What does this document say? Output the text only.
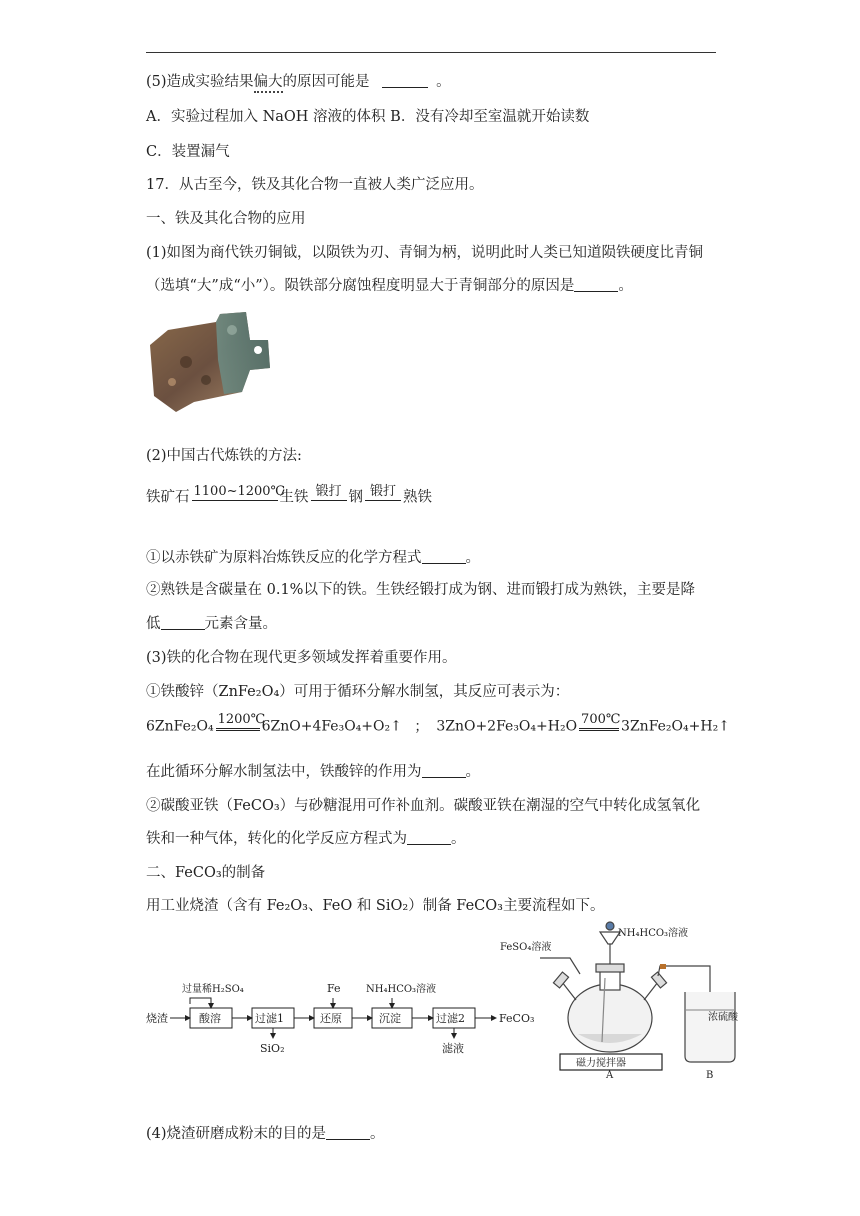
(5)造成实验结果偏大的原因可能是	。
A．实验过程加入 NaOH 溶液的体积 B．没有冷却至室温就开始读数
C．装置漏气
17．从古至今，铁及其化合物一直被人类广泛应用。
一、铁及其化合物的应用
(1)如图为商代铁刃铜钺，以陨铁为刃、青铜为柄，说明此时人类已知道陨铁硬度比青铜
（选填“大”成“小”）。陨铁部分腐蚀程度明显大于青铜部分的原因是	。
(2)中国古代炼铁的方法:
铁矿石 1100~1200℃
生铁 锻打 钢 锻打 熟铁
①以赤铁矿为原料冶炼铁反应的化学方程式	。
②熟铁是含碳量在 0.1%以下的铁。生铁经锻打成为钢、进而锻打成为熟铁，主要是降
低	元素含量。
(3)铁的化合物在现代更多领域发挥着重要作用。
①铁酸锌（ZnFe₂O₄）可用于循环分解水制氢，其反应可表示为：
6ZnFe₂O₄ 1200℃
6ZnO+4Fe₃O₄+O₂↑ ； 3ZnO+2Fe₃O₄+H₂O 700℃ 3ZnFe₂O₄+H₂↑
在此循环分解水制氢法中，铁酸锌的作用为	。
②碳酸亚铁（FeCO₃）与砂糖混用可作补血剂。碳酸亚铁在潮湿的空气中转化成氢氧化
铁和一种气体，转化的化学反应方程式为	。
二、FeCO₃的制备
用工业烧渣（含有 Fe₂O₃、FeO 和 SiO₂）制备 FeCO₃主要流程如下。
烧渣	酸溶	过滤1	还原	沉淀	过滤2	FeCO₃
过量稀H₂SO₄	Fe	NH₄HCO₃溶液
SiO₂	滤液
FeSO₄溶液
NH₄HCO₃溶液
浓硫酸
磁力搅拌器
A	B
(4)烧渣研磨成粉末的目的是	。
